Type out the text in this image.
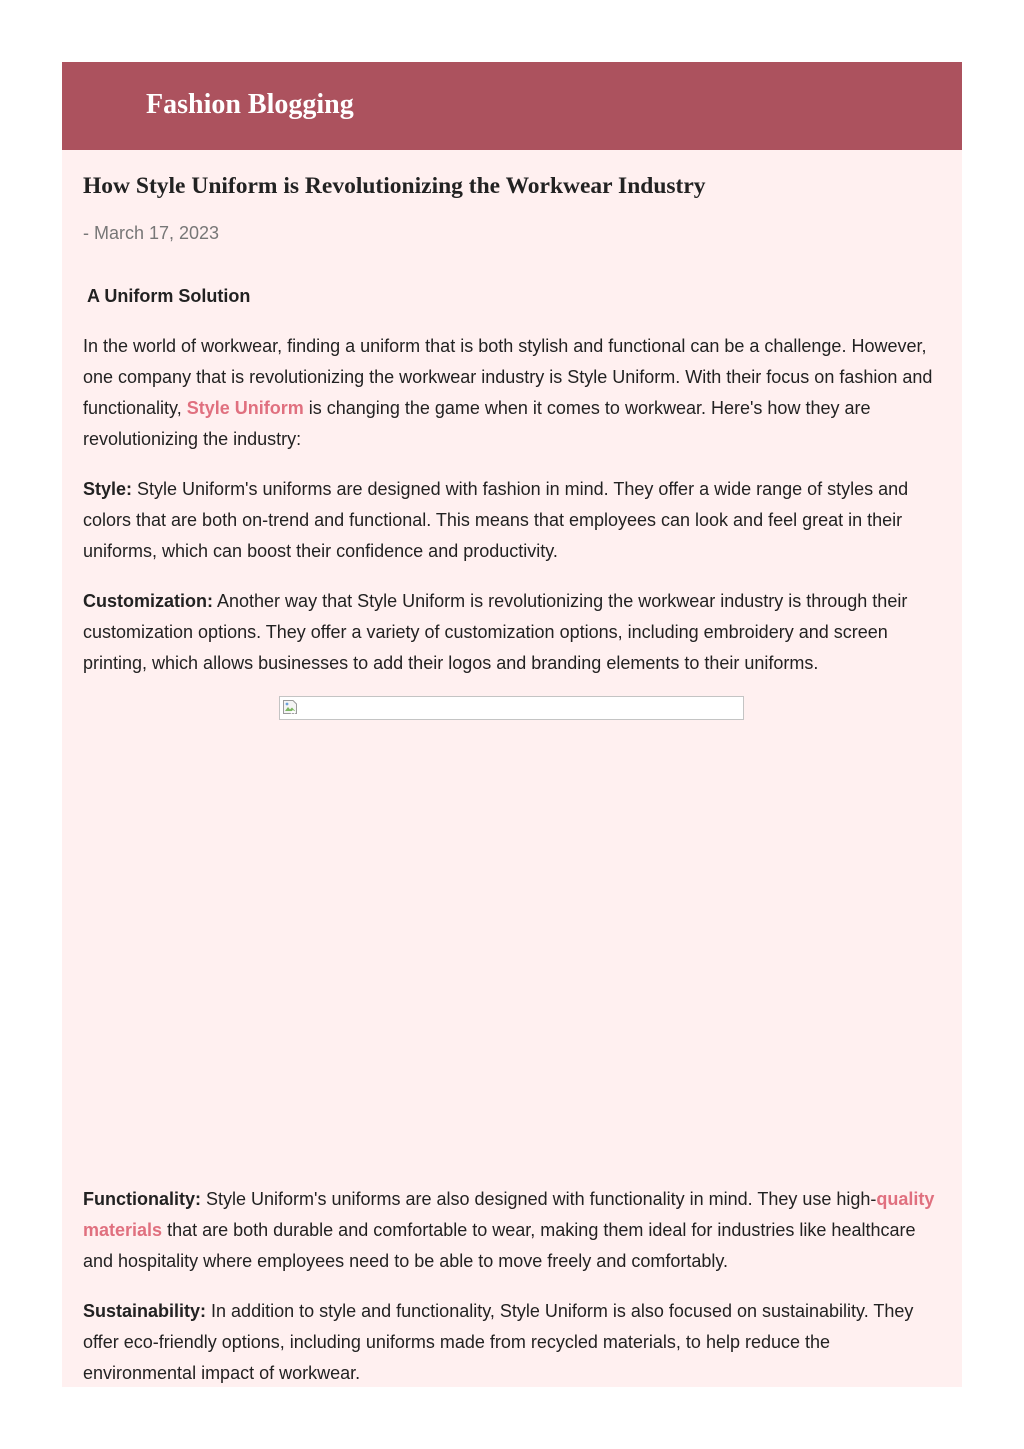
Fashion Blogging
How Style Uniform is Revolutionizing the Workwear Industry
- March 17, 2023
A Uniform Solution

In the world of workwear, finding a uniform that is both stylish and functional can be a challenge. However, one company that is revolutionizing the workwear industry is Style Uniform. With their focus on fashion and functionality, Style Uniform is changing the game when it comes to workwear. Here's how they are revolutionizing the industry:

Style: Style Uniform's uniforms are designed with fashion in mind. They offer a wide range of styles and colors that are both on-trend and functional. This means that employees can look and feel great in their uniforms, which can boost their confidence and productivity.

Customization: Another way that Style Uniform is revolutionizing the workwear industry is through their customization options. They offer a variety of customization options, including embroidery and screen printing, which allows businesses to add their logos and branding elements to their uniforms.

Functionality: Style Uniform's uniforms are also designed with functionality in mind. They use high-quality materials that are both durable and comfortable to wear, making them ideal for industries like healthcare and hospitality where employees need to be able to move freely and comfortably.

Sustainability: In addition to style and functionality, Style Uniform is also focused on sustainability. They offer eco-friendly options, including uniforms made from recycled materials, to help reduce the environmental impact of workwear.
